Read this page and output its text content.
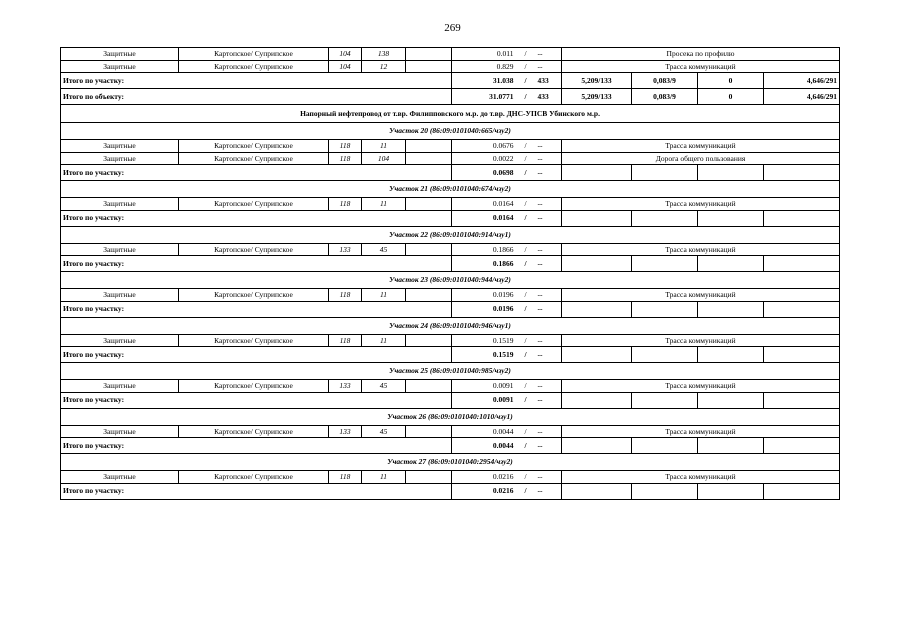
269
Защитные	Картопское/ Суприпское	104	138		0.011	/	--	Просека по профилю			
Защитные	Картопское/ Суприпское	104	12		0.829	/	--	Трасса коммуникаций			
Итого по участку:					31.038	/	433	5,209/133	0,083/9	0	4,646/291
Итого по объекту:					31.0771	/	433	5,209/133	0,083/9	0	4,646/291
Напорный нефтепровод от т.вр. Филипповского м.р. до т.вр. ДНС-УПСВ Убинского м.р.											
Участок 20 (86:09:0101040:665/чзу2)											
Защитные	Картопское/ Суприпское	118	11		0.0676	/	--	Трасса коммуникаций			
Защитные	Картопское/ Суприпское	118	104		0.0022	/	--	Дорога общего пользования			
Итого по участку:					0.0698	/	--				
Участок 21 (86:09:0101040:674/чзу2)											
Защитные	Картопское/ Суприпское	118	11		0.0164	/	--	Трасса коммуникаций			
Итого по участку:					0.0164	/	--				
Участок 22 (86:09:0101040:914/чзу1)											
Защитные	Картопское/ Суприпское	133	45		0.1866	/	--	Трасса коммуникаций			
Итого по участку:					0.1866	/	--				
Участок 23 (86:09:0101040:944/чзу2)											
Защитные	Картопское/ Суприпское	118	11		0.0196	/	--	Трасса коммуникаций			
Итого по участку:					0.0196	/	--				
Участок 24 (86:09:0101040:946/чзу1)											
Защитные	Картопское/ Суприпское	118	11		0.1519	/	--	Трасса коммуникаций			
Итого по участку:					0.1519	/	--				
Участок 25 (86:09:0101040:985/чзу2)											
Защитные	Картопское/ Суприпское	133	45		0.0091	/	--	Трасса коммуникаций			
Итого по участку:					0.0091	/	--				
Участок 26 (86:09:0101040:1010/чзу1)											
Защитные	Картопское/ Суприпское	133	45		0.0044	/	--	Трасса коммуникаций			
Итого по участку:					0.0044	/	--				
Участок 27 (86:09:0101040:2954/чзу2)											
Защитные	Картопское/ Суприпское	118	11		0.0216	/	--	Трасса коммуникаций			
Итого по участку:					0.0216	/	--				
